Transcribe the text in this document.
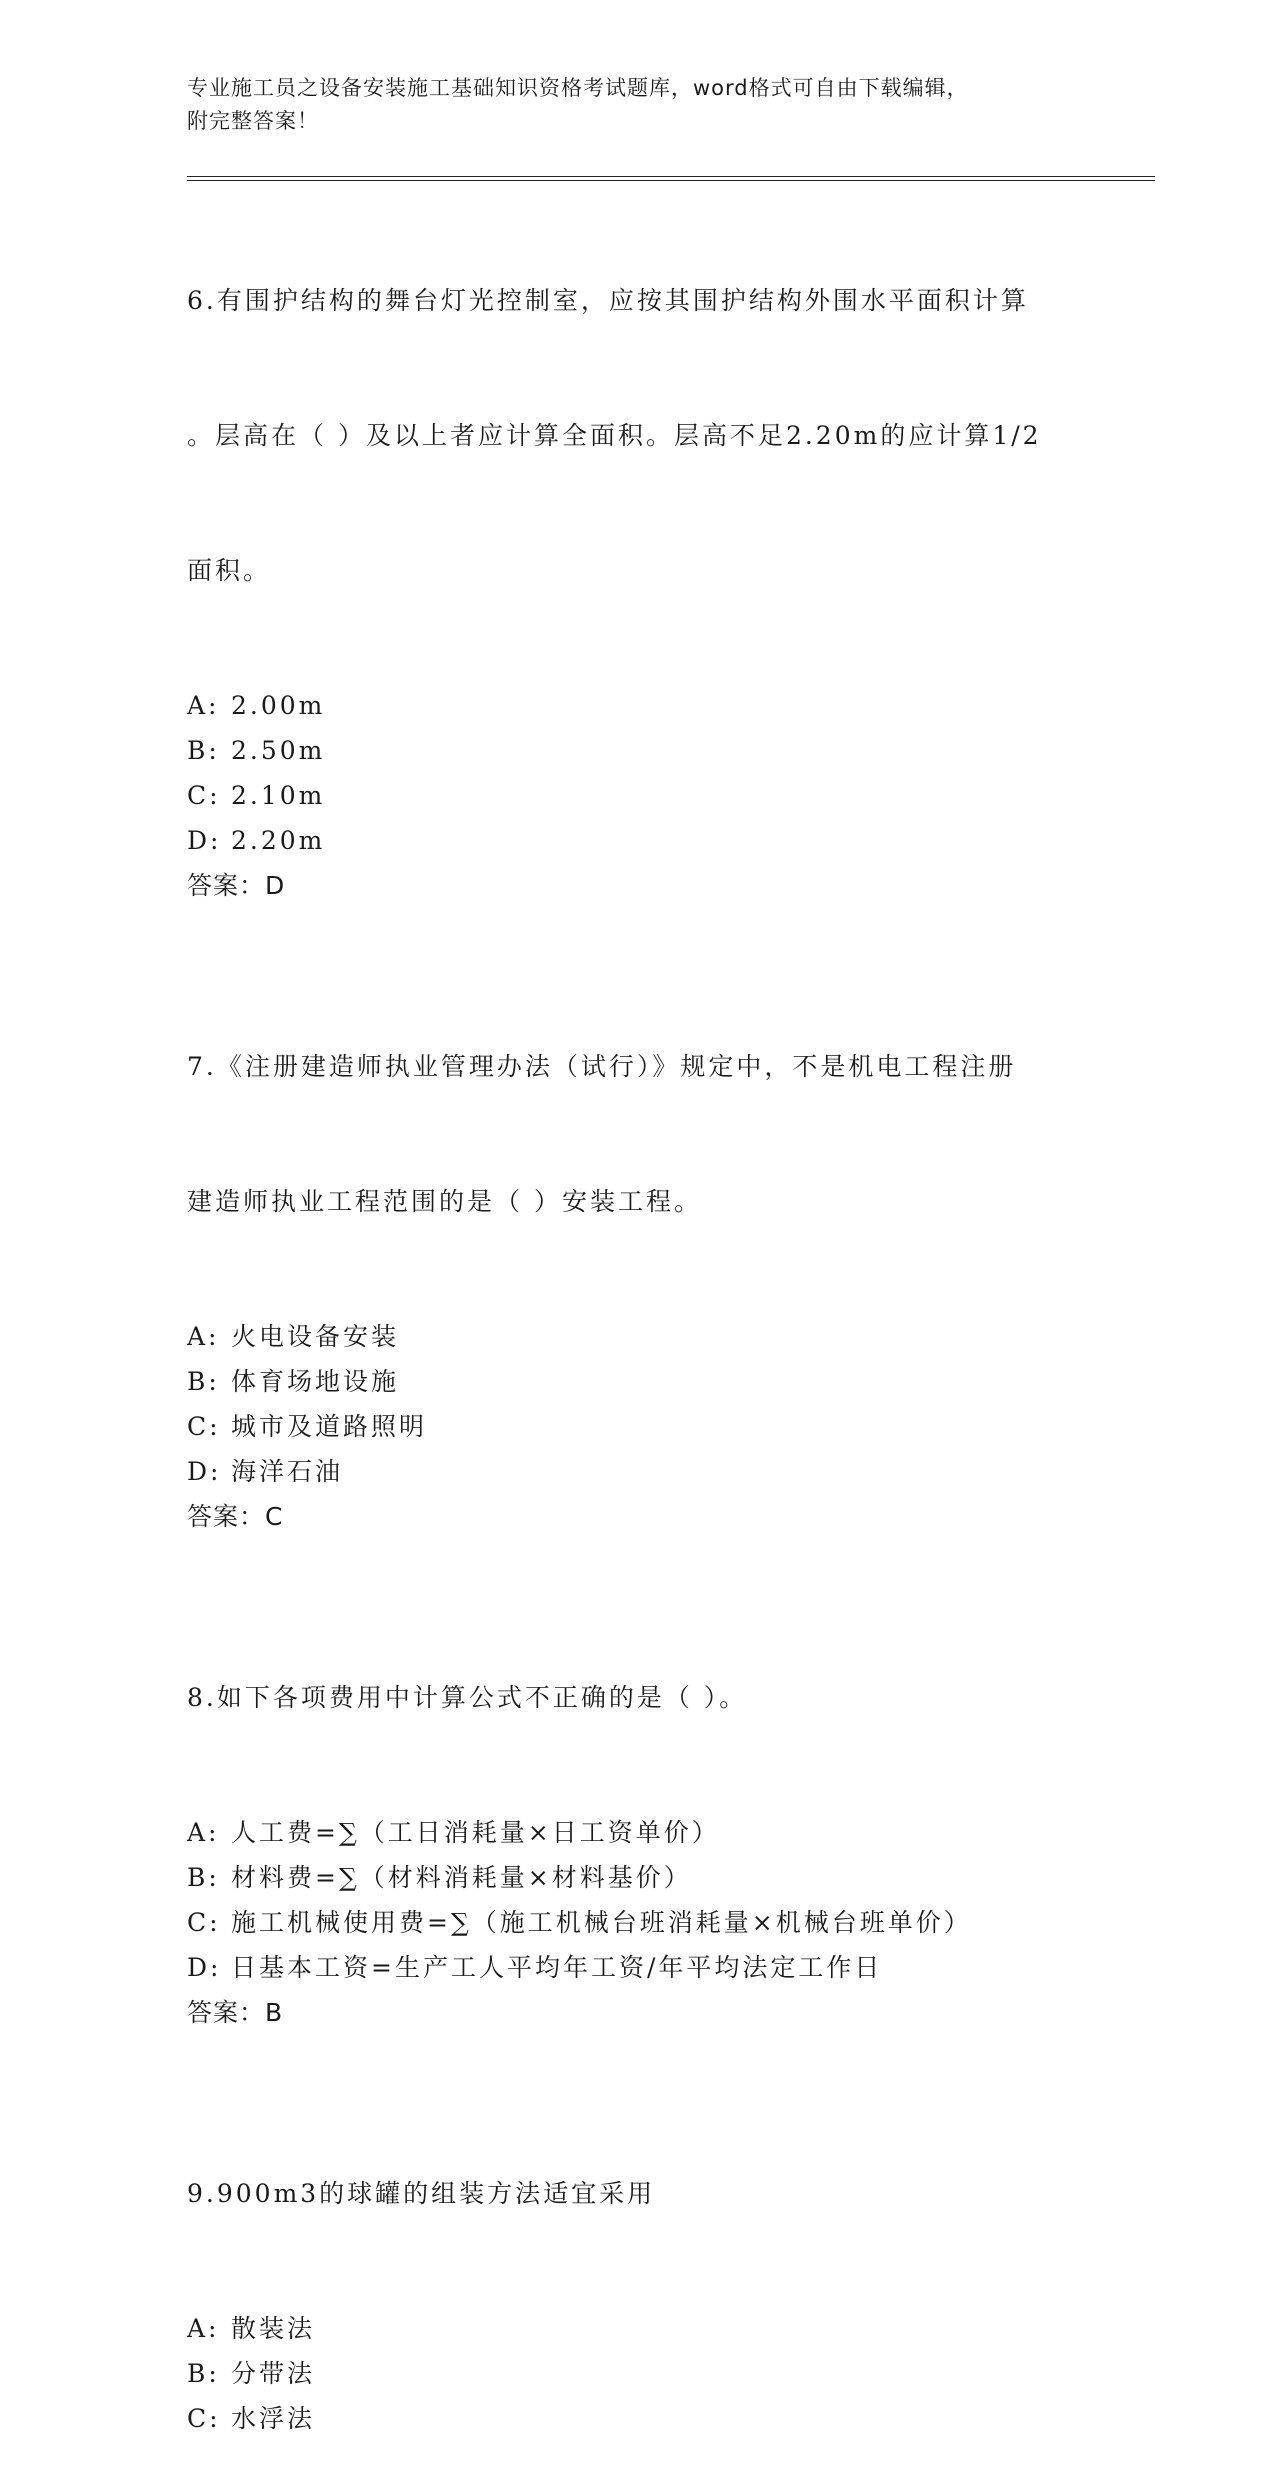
专业施工员之设备安装施工基础知识资格考试题库，word格式可自由下载编辑，
附完整答案！

6.有围护结构的舞台灯光控制室，应按其围护结构外围水平面积计算

。层高在（ ）及以上者应计算全面积。层高不足2.20m的应计算1/2

面积。

A: 2.00m
B: 2.50m
C: 2.10m
D: 2.20m
答案：D

7.《注册建造师执业管理办法（试行）》规定中，不是机电工程注册

建造师执业工程范围的是（ ）安装工程。

A: 火电设备安装
B: 体育场地设施
C: 城市及道路照明
D: 海洋石油
答案：C

8.如下各项费用中计算公式不正确的是（ ）。

A: 人工费=∑（工日消耗量×日工资单价）
B: 材料费=∑（材料消耗量×材料基价）
C: 施工机械使用费=∑（施工机械台班消耗量×机械台班单价）
D: 日基本工资=生产工人平均年工资/年平均法定工作日
答案：B

9.900m3的球罐的组装方法适宜采用

A: 散装法
B: 分带法
C: 水浮法
